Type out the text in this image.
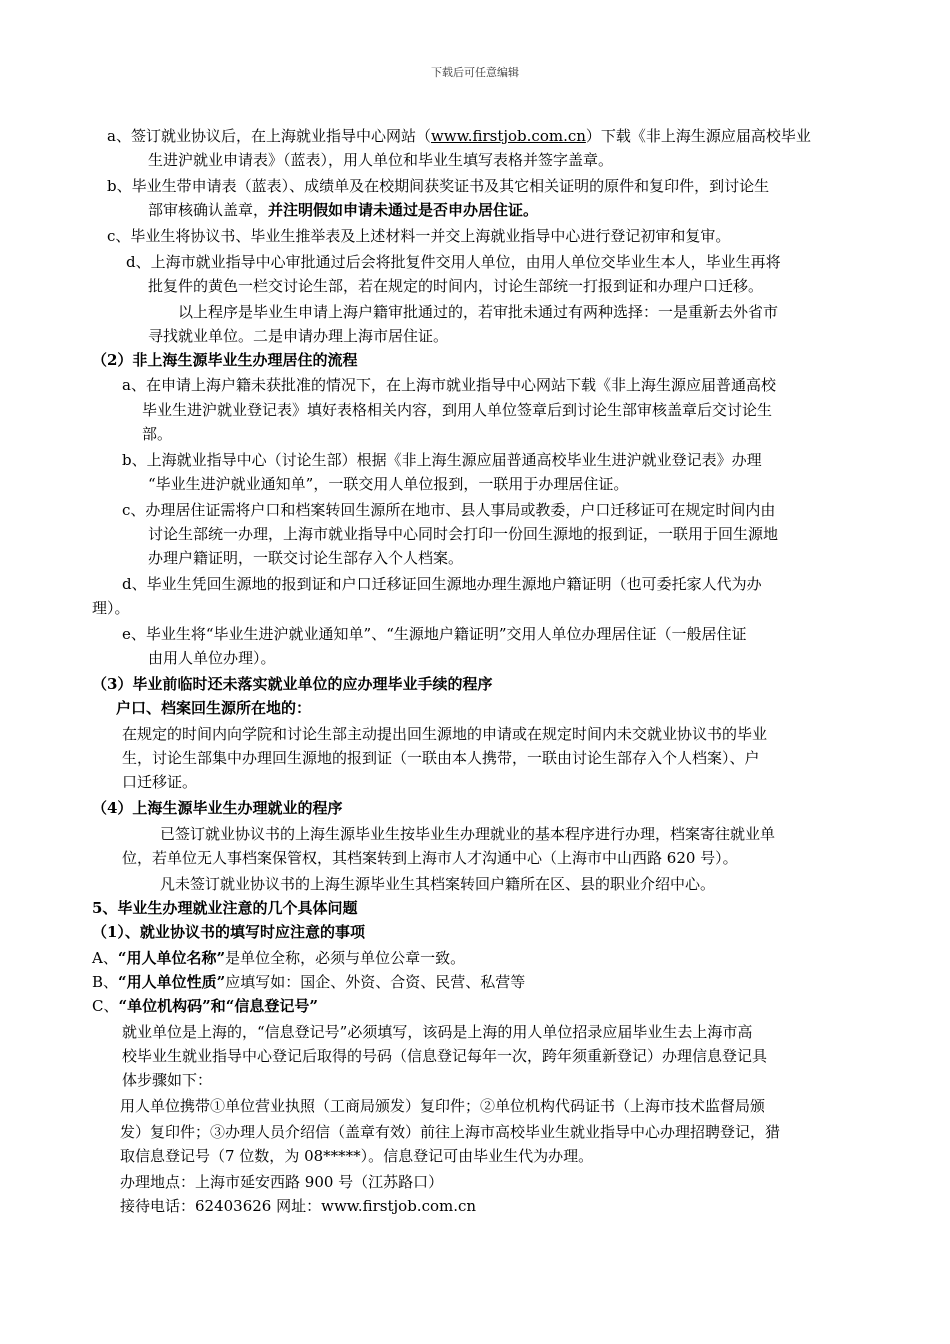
下载后可任意编辑
a、签订就业协议后，在上海就业指导中心网站（www.firstjob.com.cn）下载《非上海生源应届高校毕业
生进沪就业申请表》（蓝表），用人单位和毕业生填写表格并签字盖章。
b、毕业生带申请表（蓝表）、成绩单及在校期间获奖证书及其它相关证明的原件和复印件，到讨论生
部审核确认盖章，并注明假如申请未通过是否申办居住证。
c、毕业生将协议书、毕业生推举表及上述材料一并交上海就业指导中心进行登记初审和复审。
d、上海市就业指导中心审批通过后会将批复件交用人单位，由用人单位交毕业生本人，毕业生再将
批复件的黄色一栏交讨论生部，若在规定的时间内，讨论生部统一打报到证和办理户口迁移。
以上程序是毕业生申请上海户籍审批通过的，若审批未通过有两种选择：一是重新去外省市
寻找就业单位。二是申请办理上海市居住证。
（2）非上海生源毕业生办理居住的流程
a、在申请上海户籍未获批准的情况下，在上海市就业指导中心网站下载《非上海生源应届普通高校
毕业生进沪就业登记表》填好表格相关内容，到用人单位签章后到讨论生部审核盖章后交讨论生
部。
b、上海就业指导中心（讨论生部）根据《非上海生源应届普通高校毕业生进沪就业登记表》办理
“毕业生进沪就业通知单”，一联交用人单位报到，一联用于办理居住证。
c、办理居住证需将户口和档案转回生源所在地市、县人事局或教委，户口迁移证可在规定时间内由
讨论生部统一办理，上海市就业指导中心同时会打印一份回生源地的报到证，一联用于回生源地
办理户籍证明，一联交讨论生部存入个人档案。
d、毕业生凭回生源地的报到证和户口迁移证回生源地办理生源地户籍证明（也可委托家人代为办
理）。
e、毕业生将“毕业生进沪就业通知单”、“生源地户籍证明”交用人单位办理居住证（一般居住证
由用人单位办理）。
（3）毕业前临时还未落实就业单位的应办理毕业手续的程序
户口、档案回生源所在地的：
在规定的时间内向学院和讨论生部主动提出回生源地的申请或在规定时间内未交就业协议书的毕业
生，讨论生部集中办理回生源地的报到证（一联由本人携带，一联由讨论生部存入个人档案）、户
口迁移证。
（4）上海生源毕业生办理就业的程序
已签订就业协议书的上海生源毕业生按毕业生办理就业的基本程序进行办理，档案寄往就业单
位，若单位无人事档案保管权，其档案转到上海市人才沟通中心（上海市中山西路 620 号）。
凡未签订就业协议书的上海生源毕业生其档案转回户籍所在区、县的职业介绍中心。
5、毕业生办理就业注意的几个具体问题
（1）、就业协议书的填写时应注意的事项
A、“用人单位名称”是单位全称，必须与单位公章一致。
B、“用人单位性质”应填写如：国企、外资、合资、民营、私营等
C、“单位机构码”和“信息登记号”
就业单位是上海的，“信息登记号”必须填写，该码是上海的用人单位招录应届毕业生去上海市高
校毕业生就业指导中心登记后取得的号码（信息登记每年一次，跨年须重新登记）办理信息登记具
体步骤如下：
用人单位携带①单位营业执照（工商局颁发）复印件；②单位机构代码证书（上海市技术监督局颁
发）复印件；③办理人员介绍信（盖章有效）前往上海市高校毕业生就业指导中心办理招聘登记，猎
取信息登记号（7 位数，为 08*****）。信息登记可由毕业生代为办理。
办理地点：上海市延安西路 900 号（江苏路口）
接待电话：62403626 网址：www.firstjob.com.cn
